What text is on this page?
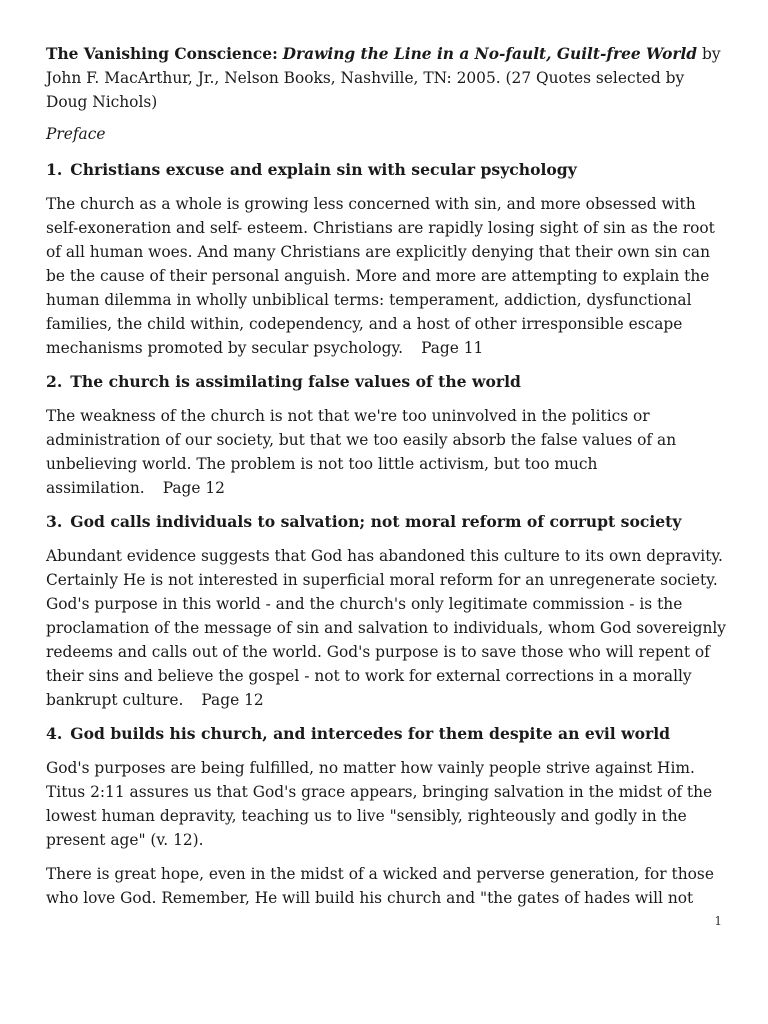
The Vanishing Conscience: Drawing the Line in a No-fault, Guilt-free World by John F. MacArthur, Jr., Nelson Books, Nashville, TN: 2005. (27 Quotes selected by Doug Nichols)

Preface

1. Christians excuse and explain sin with secular psychology

The church as a whole is growing less concerned with sin, and more obsessed with self-exoneration and self- esteem. Christians are rapidly losing sight of sin as the root of all human woes. And many Christians are explicitly denying that their own sin can be the cause of their personal anguish. More and more are attempting to explain the human dilemma in wholly unbiblical terms: temperament, addiction, dysfunctional families, the child within, codependency, and a host of other irresponsible escape mechanisms promoted by secular psychology. Page 11

2. The church is assimilating false values of the world

The weakness of the church is not that we're too uninvolved in the politics or administration of our society, but that we too easily absorb the false values of an unbelieving world. The problem is not too little activism, but too much assimilation. Page 12

3. God calls individuals to salvation; not moral reform of corrupt society

Abundant evidence suggests that God has abandoned this culture to its own depravity. Certainly He is not interested in superficial moral reform for an unregenerate society. God's purpose in this world - and the church's only legitimate commission - is the proclamation of the message of sin and salvation to individuals, whom God sovereignly redeems and calls out of the world. God's purpose is to save those who will repent of their sins and believe the gospel - not to work for external corrections in a morally bankrupt culture. Page 12

4. God builds his church, and intercedes for them despite an evil world

God's purposes are being fulfilled, no matter how vainly people strive against Him. Titus 2:11 assures us that God's grace appears, bringing salvation in the midst of the lowest human depravity, teaching us to live "sensibly, righteously and godly in the present age" (v. 12).

There is great hope, even in the midst of a wicked and perverse generation, for those who love God. Remember, He will build his church and "the gates of hades will not

1
